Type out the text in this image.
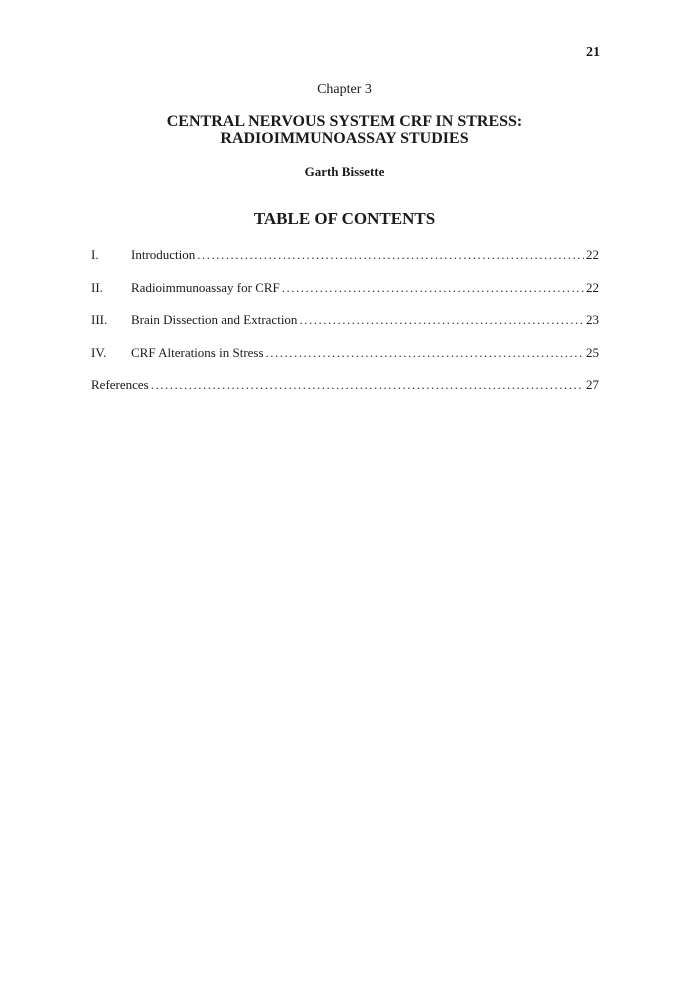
21
Chapter 3
CENTRAL NERVOUS SYSTEM CRF IN STRESS:
RADIOIMMUNOASSAY STUDIES
Garth Bissette
TABLE OF CONTENTS
I.	Introduction .....	22
II.	Radioimmunoassay for CRF .....	22
III.	Brain Dissection and Extraction .....	23
IV.	CRF Alterations in Stress .....	25
References .....	27
